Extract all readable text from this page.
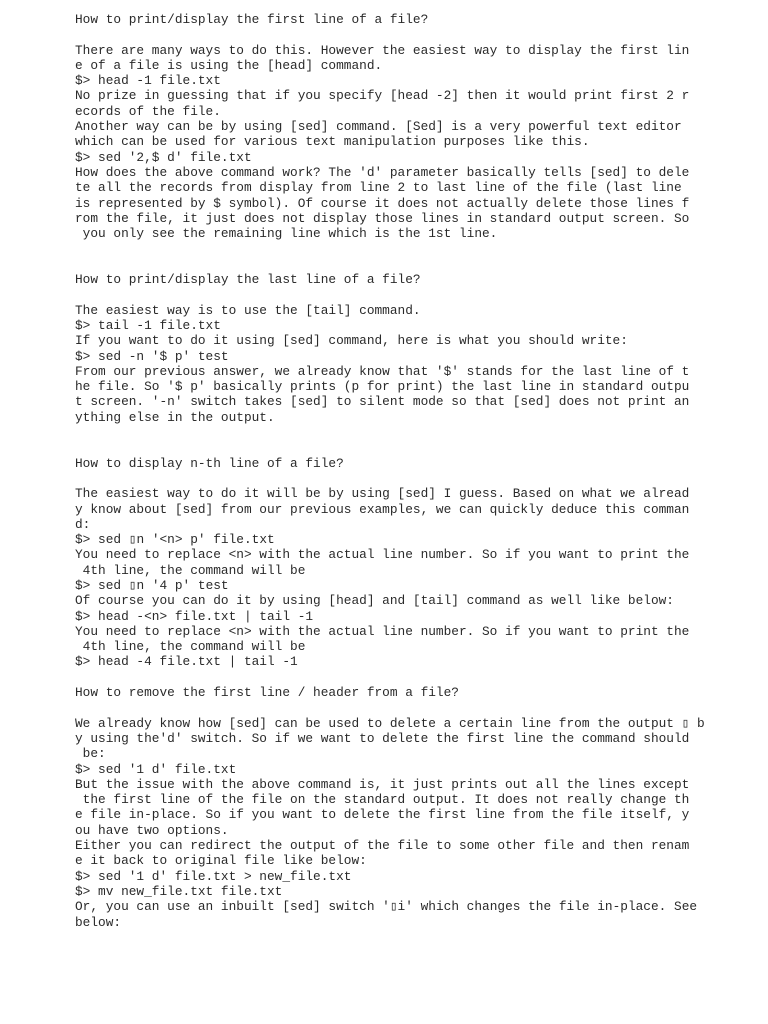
How to print/display the first line of a file?
There are many ways to do this. However the easiest way to display the first lin
e of a file is using the [head] command.
$> head -1 file.txt
No prize in guessing that if you specify [head -2] then it would print first 2 r
ecords of the file.
Another way can be by using [sed] command. [Sed] is a very powerful text editor
which can be used for various text manipulation purposes like this.
$> sed '2,$ d' file.txt
How does the above command work? The 'd' parameter basically tells [sed] to dele
te all the records from display from line 2 to last line of the file (last line
is represented by $ symbol). Of course it does not actually delete those lines f
rom the file, it just does not display those lines in standard output screen. So
you only see the remaining line which is the 1st line.
How to print/display the last line of a file?
The easiest way is to use the [tail] command.
$> tail -1 file.txt
If you want to do it using [sed] command, here is what you should write:
$> sed -n '$ p' test
From our previous answer, we already know that '$' stands for the last line of t
he file. So '$ p' basically prints (p for print) the last line in standard outpu
t screen. '-n' switch takes [sed] to silent mode so that [sed] does not print an
ything else in the output.
How to display n-th line of a file?
The easiest way to do it will be by using [sed] I guess. Based on what we alread
y know about [sed] from our previous examples, we can quickly deduce this comman
d:
$> sed ▯n '<n> p' file.txt
You need to replace <n> with the actual line number. So if you want to print the
4th line, the command will be
$> sed ▯n '4 p' test
Of course you can do it by using [head] and [tail] command as well like below:
$> head -<n> file.txt | tail -1
You need to replace <n> with the actual line number. So if you want to print the
4th line, the command will be
$> head -4 file.txt | tail -1
How to remove the first line / header from a file?
We already know how [sed] can be used to delete a certain line from the output ▯ b
y using the'd' switch. So if we want to delete the first line the command should
be:
$> sed '1 d' file.txt
But the issue with the above command is, it just prints out all the lines except
the first line of the file on the standard output. It does not really change th
e file in-place. So if you want to delete the first line from the file itself, y
ou have two options.
Either you can redirect the output of the file to some other file and then renam
e it back to original file like below:
$> sed '1 d' file.txt > new_file.txt
$> mv new_file.txt file.txt
Or, you can use an inbuilt [sed] switch '▯i' which changes the file in-place. See
below:
